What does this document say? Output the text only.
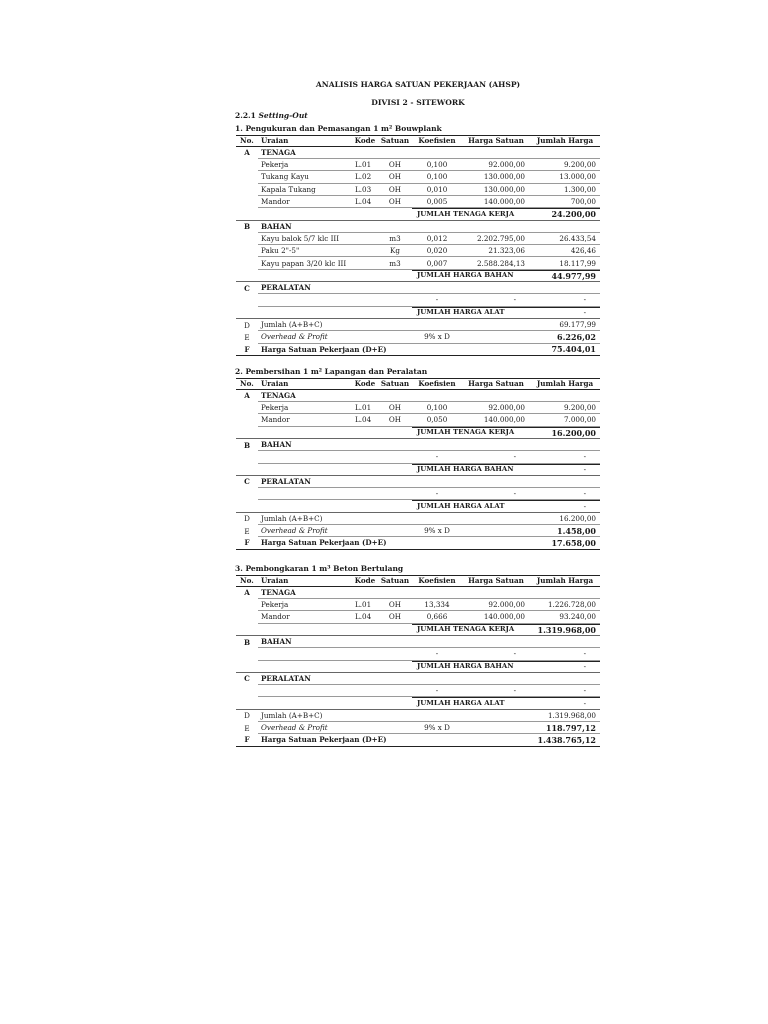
ANALISIS HARGA SATUAN PEKERJAAN (AHSP)
DIVISI 2 - SITEWORK
2.2.1 Setting-Out
1. Pengukuran dan Pemasangan 1 m² Bouwplank
No.	Uraian	Kode Satuan	Koefisien	Harga Satuan	Jumlah Harga
A	TENAGA
Pekerja	L.01	OH	0,100	92.000,00	9.200,00
Tukang Kayu	L.02	OH	0,100	130.000,00	13.000,00
Kapala Tukang	L.03	OH	0,010	130.000,00	1.300,00
Mandor	L.04	OH	0,005	140.000,00	700,00
JUMLAH TENAGA KERJA	24.200,00
B	BAHAN
Kayu balok 5/7 klc III	m3	0,012	2.202.795,00	26.433,54
Paku 2"-5"	Kg	0,020	21.323,06	426,46
Kayu papan 3/20 klc III	m3	0,007	2.588.284,13	18.117,99
JUMLAH HARGA BAHAN	44.977,99
C	PERALATAN
-	-	-
JUMLAH HARGA ALAT	-
D	Jumlah (A+B+C)	69.177,99
E	Overhead & Profit	9% x D	6.226,02
F	Harga Satuan Pekerjaan (D+E)	75.404,01
2. Pembersihan 1 m² Lapangan dan Peralatan
No.	Uraian	Kode Satuan	Koefisien	Harga Satuan	Jumlah Harga
A	TENAGA
Pekerja	L.01	OH	0,100	92.000,00	9.200,00
Mandor	L.04	OH	0,050	140.000,00	7.000,00
JUMLAH TENAGA KERJA	16.200,00
B	BAHAN
-	-	-
JUMLAH HARGA BAHAN	-
C	PERALATAN
-	-	-
JUMLAH HARGA ALAT	-
D	Jumlah (A+B+C)	16.200,00
E	Overhead & Profit	9% x D	1.458,00
F	Harga Satuan Pekerjaan (D+E)	17.658,00
3. Pembongkaran 1 m³ Beton Bertulang
No.	Uraian	Kode Satuan	Koefisien	Harga Satuan	Jumlah Harga
A	TENAGA
Pekerja	L.01	OH	13,334	92.000,00	1.226.728,00
Mandor	L.04	OH	0,666	140.000,00	93.240,00
JUMLAH TENAGA KERJA	1.319.968,00
B	BAHAN
-	-	-
JUMLAH HARGA BAHAN	-
C	PERALATAN
-	-	-
JUMLAH HARGA ALAT	-
D	Jumlah (A+B+C)	1.319.968,00
E	Overhead & Profit	9% x D	118.797,12
F	Harga Satuan Pekerjaan (D+E)	1.438.765,12
